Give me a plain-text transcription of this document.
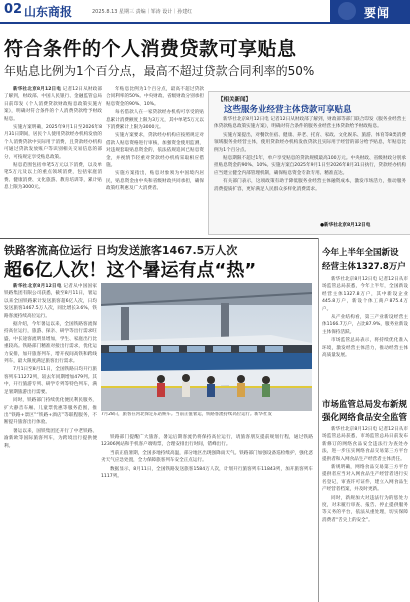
02 山东商报	2025.8.13 星期三 责编｜邹涛 设计｜孙建红	要闻
符合条件的个人消费贷款可享贴息
年贴息比例为1个百分点，最高不超过贷款合同利率的50%

新华社北京8月12日电 记者12日从财政部了解到，财政部、中国人民银行、金融监管总局日前印发《个人消费贷款财政贴息政策实施方案》，明确对符合条件的个人消费贷款给予财政贴息。

实施方案明确，2025年9月1日至2026年8月31日期间，居民个人使用贷款经办机构发放的个人消费贷款中实际用于消费，且贷款经办机构可通过贷款发放账户等识别相关交易信息的部分，可按规定享受贴息政策。

贴息范围包括单笔5万元以下消费，以及单笔5万元及以上的重点领域消费，包括家庭消费、健康消费、文化旅游、教育培训等，累计贴息上限为3000元。

年贴息比例为1个百分点，最高不超过贷款合同利率的50%。中央财政、省级财政分别承担贴息资金的90%、10%。

每名借款人在一家贷款经办机构可享受的贴息累计消费额度上限为3万元，其中单笔5万元以下消费累计上限为3000元。

实施方案要求，贷款经办机构应按照规定对借款人贴息资格进行审核，加强资金使用监测，对违规套取贴息资金的，依法依规追回已贴息资金，并视情节轻重对贷款经办机构采取相应措施。

实施方案指出，贴息对象须为中国境内居民，贴息资金由中央和省级财政共同承担，确保政策红利惠及广大消费者。

【相关新闻】
这些服务业经营主体贷款可享贴息

新华社北京8月12日电 记者12日从财政部了解到，财政部等部门联合印发《服务业经营主体贷款贴息政策实施方案》，明确对符合条件的服务业经营主体贷款给予财政贴息。

实施方案提出，对餐饮住宿、健康、养老、托育、家政、文化娱乐、旅游、体育等8类消费领域服务业经营主体，使用贷款经办机构发放贷款且实际用于经营的部分给予贴息，年贴息比例为1个百分点。

贴息期限不超过1年，单户享受贴息的贷款规模最高100万元。中央财政、省级财政分别承担贴息资金的90%、10%。实施方案自2025年9月1日至2026年8月31日执行，贷款经办机构应当建立健全内部管理机制，确保贴息资金专款专用、精准直达。

有关部门表示，这项政策有助于降低服务业经营主体融资成本，激发市场活力，推动服务消费提质扩容，更好满足人民群众多样化消费需求。

●新华社北京8月12日电
铁路客流高位运行 日均发送旅客1467.5万人次
超6亿人次！这个暑运有点“热”

新华社北京8月12日电 记者从中国国家铁路集团有限公司获悉，截至8月11日，暑运以来全国铁路累计发送旅客超6亿人次，日均发送旅客1467.5万人次，同比增长3.6%，铁路客流持续高位运行。

据介绍，今年暑运以来，全国铁路客流保持高位运行，旅游、探亲、研学等出行需求旺盛，中长途客流明显增加，学生、家庭出行比重较高。铁路部门精准对接出行需求，优化运力安排，加开旅客列车，增开夜间高铁和跨线列车，最大限度满足旅客出行需求。

7月1日至8月11日，全国铁路日均开行旅客列车11272列，较去年同期增加479列。其中，开行旅游专列、研学专列等特色列车，满足暑期旅游出行需要。

同时，铁路部门持续优化便民利民服务，扩大静音车厢、儿童票优惠等服务范围，推出“铁路+景区”“铁路+酒店”等联程服务，不断提升旅客出行体验。

暑运以来，国铁集团还开行了中老铁路、渝新欧等国际旅客列车，为跨境出行提供便利。

7月28日，旅客在河北保定东站候车。当前正值暑运，铁路客流持续高位运行。新华社发

铁路部门提醒广大旅客，暑运后期客流仍将保持高位运行，请旅客朋友提前规划行程，通过铁路12306网站和手机客户端购票，合理安排出行时间，错峰出行。

当前正值暑期，全国多地持续高温，部分地区出现强降雨天气。铁路部门加强设备巡检维护，强化恶劣天气应急处置，全力保障旅客列车安全正点运行。

数据显示，8月11日，全国铁路发送旅客1584万人次，计划开行旅客列车11843列，加开旅客列车1117列。

今年上半年全国新设
经营主体1327.8万户

新华社北京8月12日电 记者12日从市场监管总局获悉，今年上半年，全国新设经营主体1327.8万户，其中新设企业445.8万户，新设个体工商户875.4万户。

从产业结构看，第三产业新设经营主体1166.7万户，占比87.9%，服务业新设主体保持活跃。

市场监管总局表示，将持续优化准入环境，激发经营主体活力，推动经营主体高质量发展。

市场监管总局发布新规
强化网络食品安全监管

新华社北京8月12日电 记者12日从市场监管总局获悉，市场监管总局日前发布新修订的网络食品安全违法行为查处办法，进一步压实网络食品交易第三方平台提供者和入网食品生产经营者主体责任。

新规明确，网络食品交易第三方平台提供者应当对入网食品生产经营者进行实名登记，审查许可证件，建立入网食品生产经营者档案，并及时更新。

同时，新规加大对违法行为的惩处力度，对未履行审查、报告、停止提供服务等义务的平台，依法从重处理，切实保障消费者“舌尖上的安全”。
